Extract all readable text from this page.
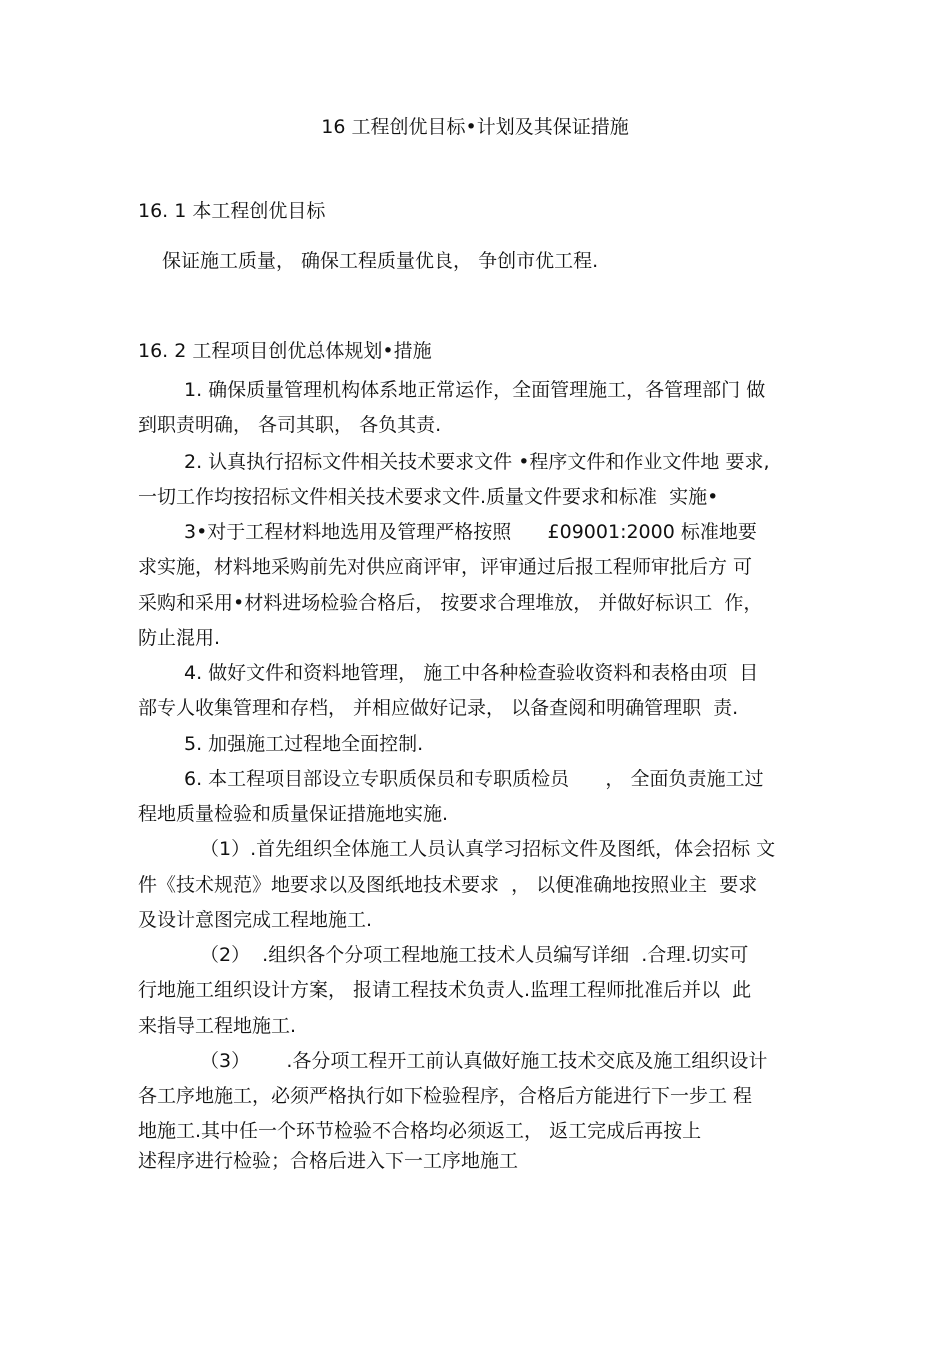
16 工程创优目标•计划及其保证措施
16. 1 本工程创优目标
保证施工质量， 确保工程质量优良， 争创市优工程.
16. 2 工程项目创优总体规划•措施
1. 确保质量管理机构体系地正常运作，全面管理施工，各管理部门 做
到职责明确， 各司其职， 各负其责.
2. 认真执行招标文件相关技术要求文件 •程序文件和作业文件地 要求,
一切工作均按招标文件相关技术要求文件.质量文件要求和标准  实施•
3•对于工程材料地选用及管理严格按照      £09001:2000 标准地要
求实施，材料地采购前先对供应商评审，评审通过后报工程师审批后方 可
采购和采用•材料进场检验合格后， 按要求合理堆放， 并做好标识工  作，
防止混用.
4. 做好文件和资料地管理， 施工中各种检查验收资料和表格由项  目
部专人收集管理和存档， 并相应做好记录， 以备查阅和明确管理职  责.
5. 加强施工过程地全面控制.
6. 本工程项目部设立专职质保员和专职质检员      ， 全面负责施工过
程地质量检验和质量保证措施地实施.
（1）.首先组织全体施工人员认真学习招标文件及图纸，体会招标 文
件《技术规范》地要求以及图纸地技术要求  ， 以便准确地按照业主  要求
及设计意图完成工程地施工.
（2）  .组织各个分项工程地施工技术人员编写详细  .合理.切实可
行地施工组织设计方案， 报请工程技术负责人.监理工程师批准后并以  此
来指导工程地施工.
（3）      .各分项工程开工前认真做好施工技术交底及施工组织设计
各工序地施工，必须严格执行如下检验程序，合格后方能进行下一步工 程
地施工.其中任一个环节检验不合格均必须返工， 返工完成后再按上
述程序进行检验；合格后进入下一工序地施工
